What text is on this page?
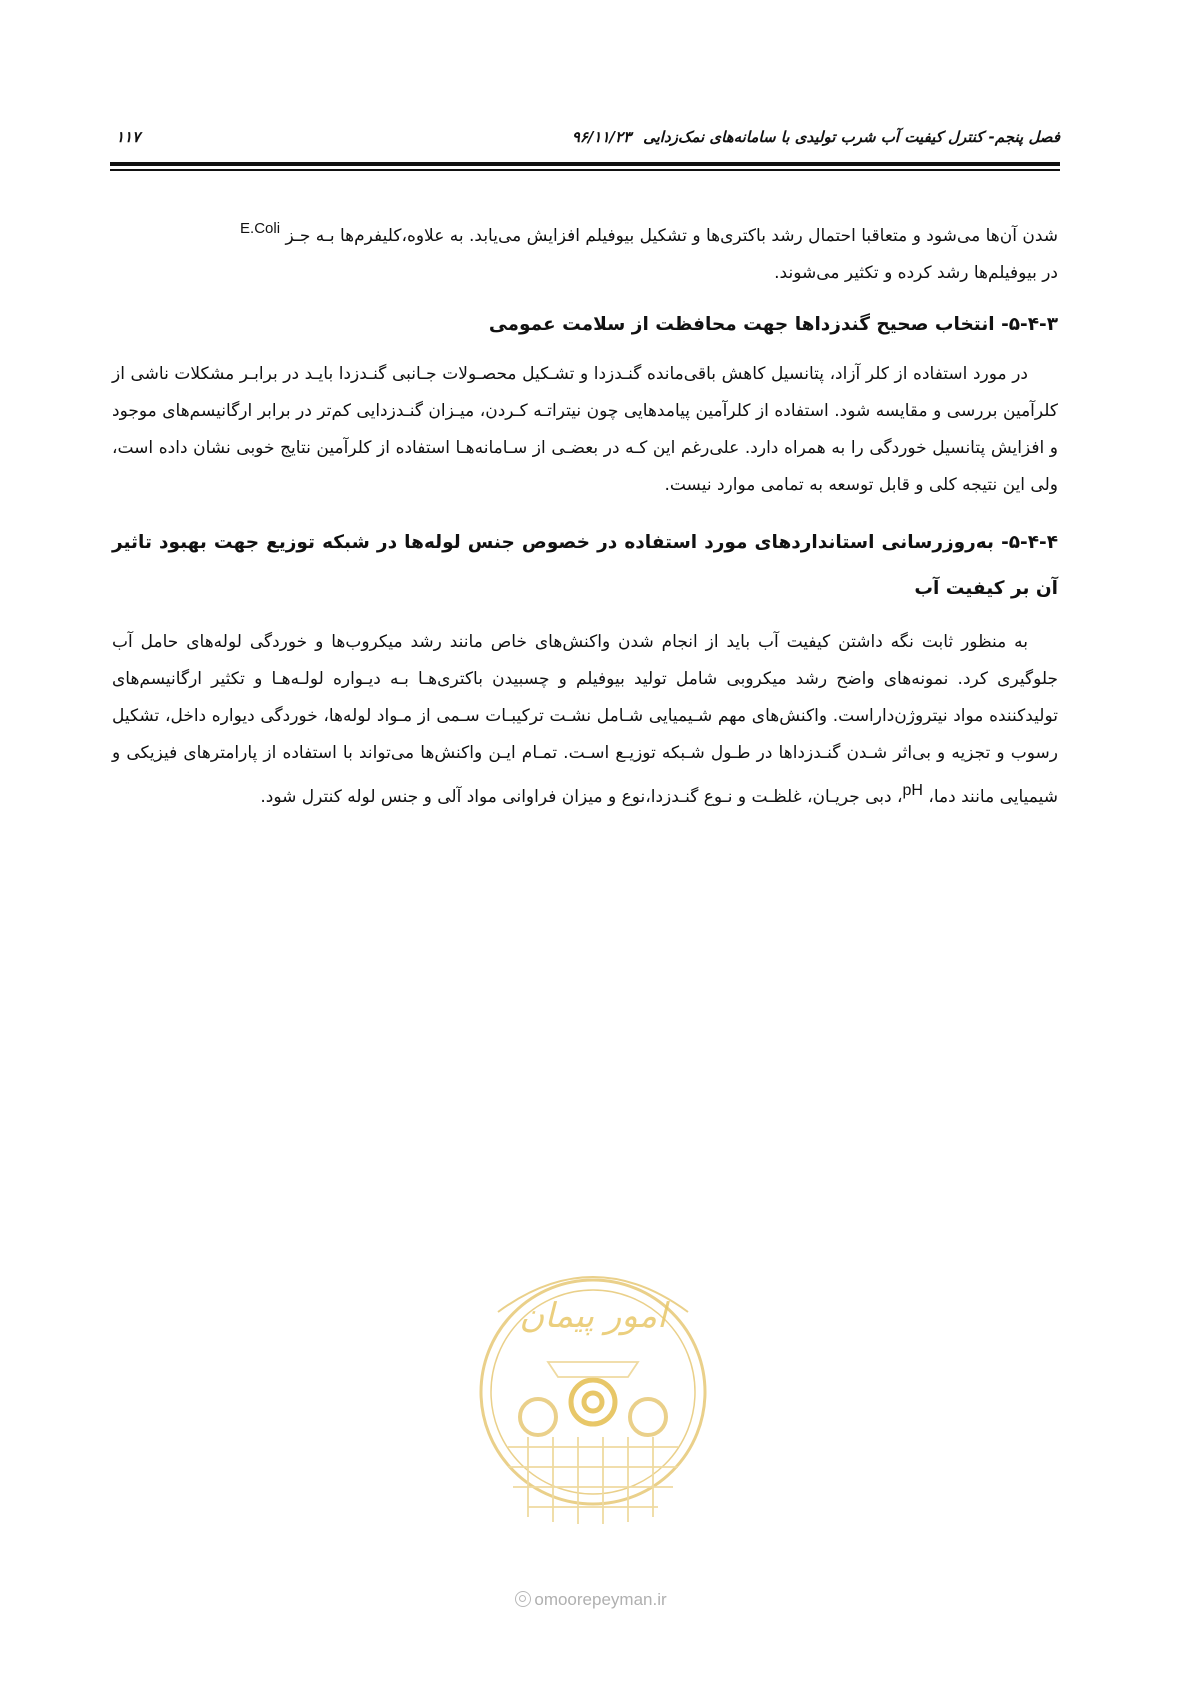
فصل پنجم- کنترل کیفیت آب شرب تولیدی با سامانه‌های نمک‌زدایی۹۶/۱۱/۲۳
۱۱۷

شدن آن‌ها می‌شود و متعاقبا احتمال رشد باکتری‌ها و تشکیل بیوفیلم افزایش می‌یابد. به علاوه،کلیفرم‌ها بـه جـز E.Coli

در بیوفیلم‌ها رشد کرده و تکثیر می‌شوند.

۵-۴-۳- انتخاب صحیح گندزداها جهت محافظت از سلامت عمومی

در مورد استفاده از کلر آزاد، پتانسیل کاهش باقی‌مانده گنـدزدا و تشـکیل محصـولات جـانبی گنـدزدا بایـد در برابـر مشکلات ناشی از کلرآمین بررسی و مقایسه شود. استفاده از کلرآمین پیامدهایی چون نیتراتـه کـردن، میـزان گنـدزدایی کم‌تر در برابر ارگانیسم‌های موجود و افزایش پتانسیل خوردگی را به همراه دارد. علی‌رغم این کـه در بعضـی از سـامانه‌هـا استفاده از کلرآمین نتایج خوبی نشان داده است، ولی این نتیجه کلی و قابل توسعه به تمامی موارد نیست.

۵-۴-۴- به‌روزرسانی استانداردهای مورد استفاده در خصوص جنس لوله‌ها در شبکه توزیع جهت بهبود تاثیر آن بر کیفیت آب

به منظور ثابت نگه داشتن کیفیت آب باید از انجام شدن واکنش‌های خاص مانند رشد میکروب‌ها و خوردگی لوله‌های حامل آب جلوگیری کرد. نمونه‌های واضح رشد میکروبی شامل تولید بیوفیلم و چسبیدن باکتری‌هـا بـه دیـواره لولـه‌هـا و تکثیر ارگانیسم‌های تولیدکننده مواد نیتروژن‌داراست. واکنش‌های مهم شـیمیایی شـامل نشـت ترکیبـات سـمی از مـواد لوله‌ها، خوردگی دیواره داخل، تشکیل رسوب و تجزیه و بی‌اثر شـدن گنـدزداها در طـول شـبکه توزیـع اسـت. تمـام ایـن واکنش‌ها می‌تواند با استفاده از پارامترهای فیزیکی و شیمیایی مانند دما، pH، دبی جریـان، غلظـت و نـوع گنـدزدا،نوع و میزان فراوانی مواد آلی و جنس لوله کنترل شود.

امور پیمان
omoorepeyman.ir
